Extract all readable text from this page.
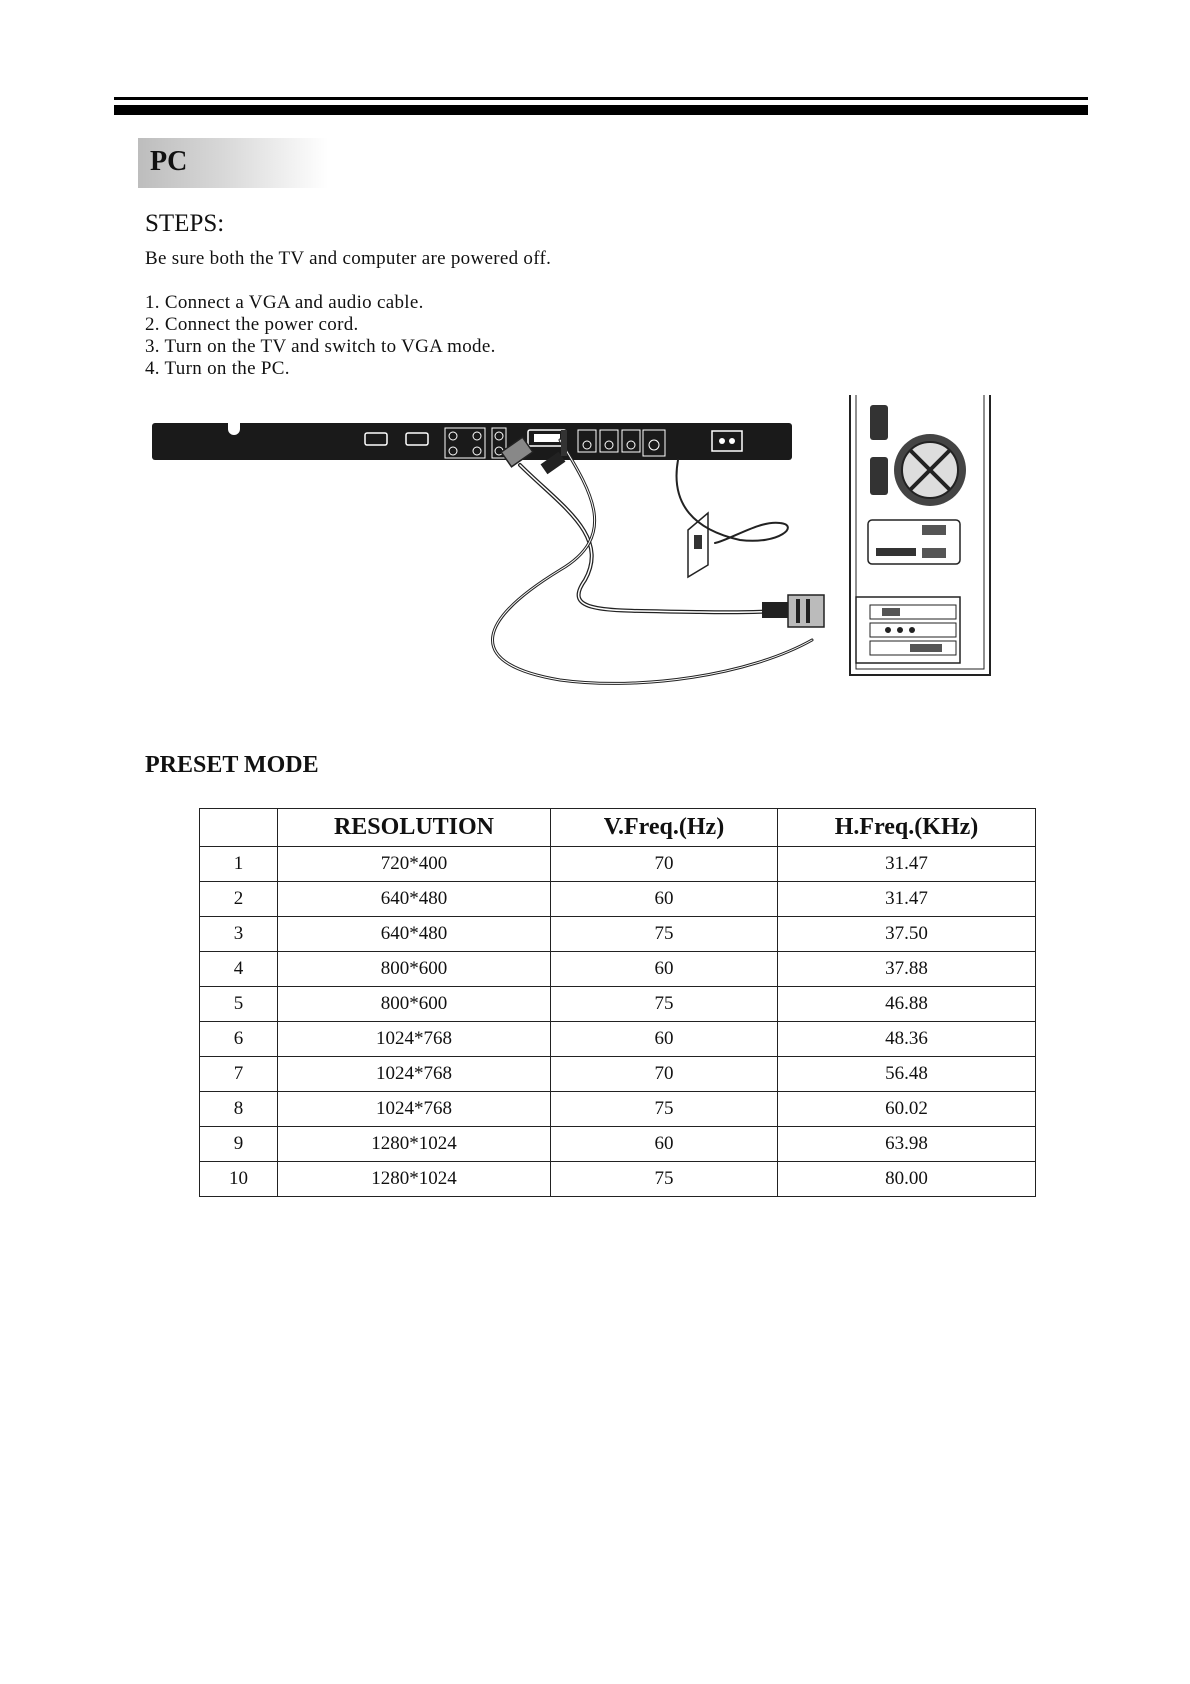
PC
STEPS:
Be sure both the TV and computer are powered off.
1. Connect a VGA and audio cable.
2. Connect the power cord.
3. Turn on the TV and switch to VGA mode.
4. Turn on the PC.
PRESET MODE
	RESOLUTION	V.Freq.(Hz)	H.Freq.(KHz)
1	720*400	70	31.47
2	640*480	60	31.47
3	640*480	75	37.50
4	800*600	60	37.88
5	800*600	75	46.88
6	1024*768	60	48.36
7	1024*768	70	56.48
8	1024*768	75	60.02
9	1280*1024	60	63.98
10	1280*1024	75	80.00
